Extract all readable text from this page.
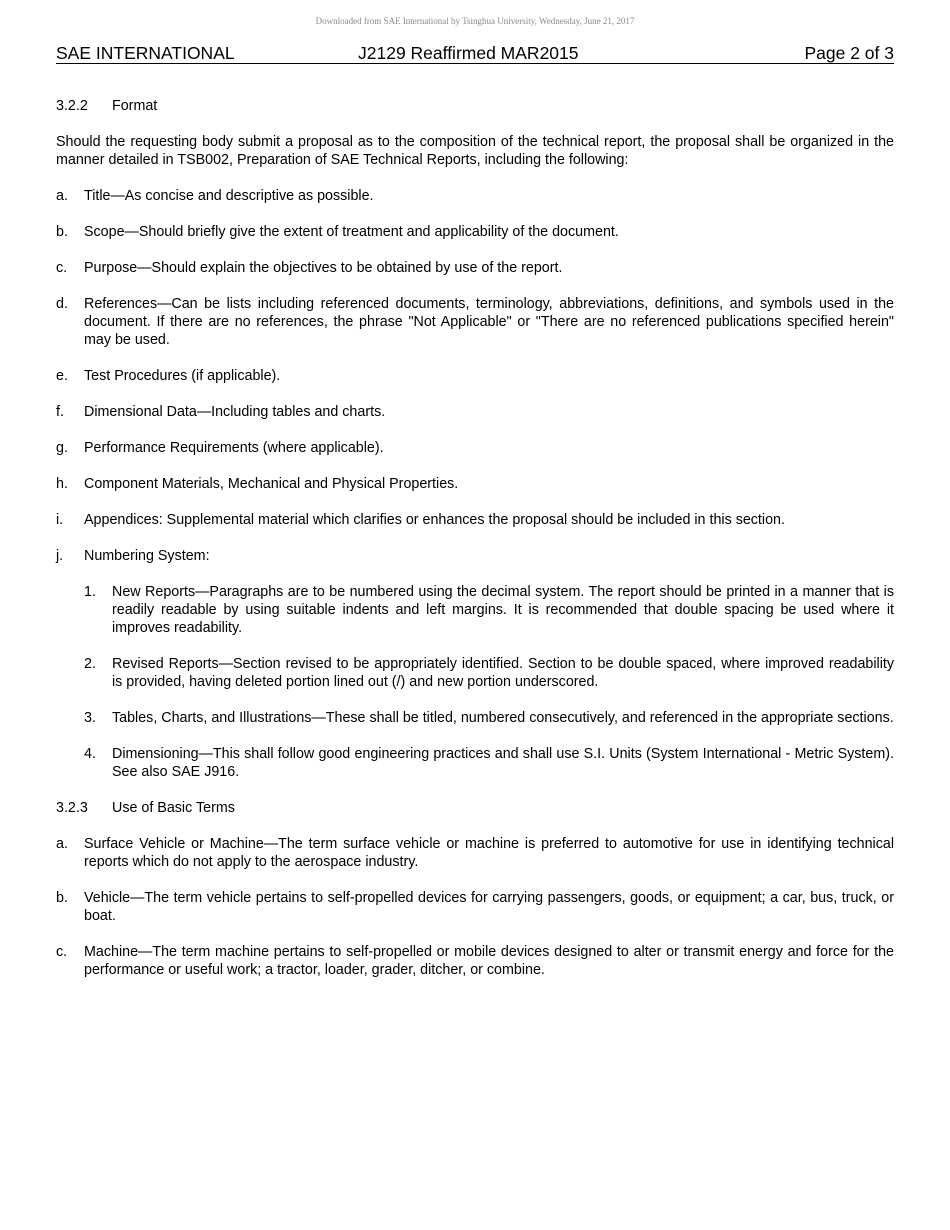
Downloaded from SAE International by Tsinghua University, Wednesday, June 21, 2017
SAE INTERNATIONAL	J2129 Reaffirmed MAR2015	Page 2 of 3
3.2.2 Format

Should the requesting body submit a proposal as to the composition of the technical report, the proposal shall be organized in the manner detailed in TSB002, Preparation of SAE Technical Reports, including the following:

a. Title—As concise and descriptive as possible.
b. Scope—Should briefly give the extent of treatment and applicability of the document.
c. Purpose—Should explain the objectives to be obtained by use of the report.
d. References—Can be lists including referenced documents, terminology, abbreviations, definitions, and symbols used in the document. If there are no references, the phrase "Not Applicable" or "There are no referenced publications specified herein" may be used.
e. Test Procedures (if applicable).
f. Dimensional Data—Including tables and charts.
g. Performance Requirements (where applicable).
h. Component Materials, Mechanical and Physical Properties.
i. Appendices: Supplemental material which clarifies or enhances the proposal should be included in this section.
j. Numbering System:
1. New Reports—Paragraphs are to be numbered using the decimal system. The report should be printed in a manner that is readily readable by using suitable indents and left margins. It is recommended that double spacing be used where it improves readability.
2. Revised Reports—Section revised to be appropriately identified. Section to be double spaced, where improved readability is provided, having deleted portion lined out (/) and new portion underscored.
3. Tables, Charts, and Illustrations—These shall be titled, numbered consecutively, and referenced in the appropriate sections.
4. Dimensioning—This shall follow good engineering practices and shall use S.I. Units (System International - Metric System). See also SAE J916.
3.2.3 Use of Basic Terms
a. Surface Vehicle or Machine—The term surface vehicle or machine is preferred to automotive for use in identifying technical reports which do not apply to the aerospace industry.
b. Vehicle—The term vehicle pertains to self-propelled devices for carrying passengers, goods, or equipment; a car, bus, truck, or boat.
c. Machine—The term machine pertains to self-propelled or mobile devices designed to alter or transmit energy and force for the performance or useful work; a tractor, loader, grader, ditcher, or combine.
